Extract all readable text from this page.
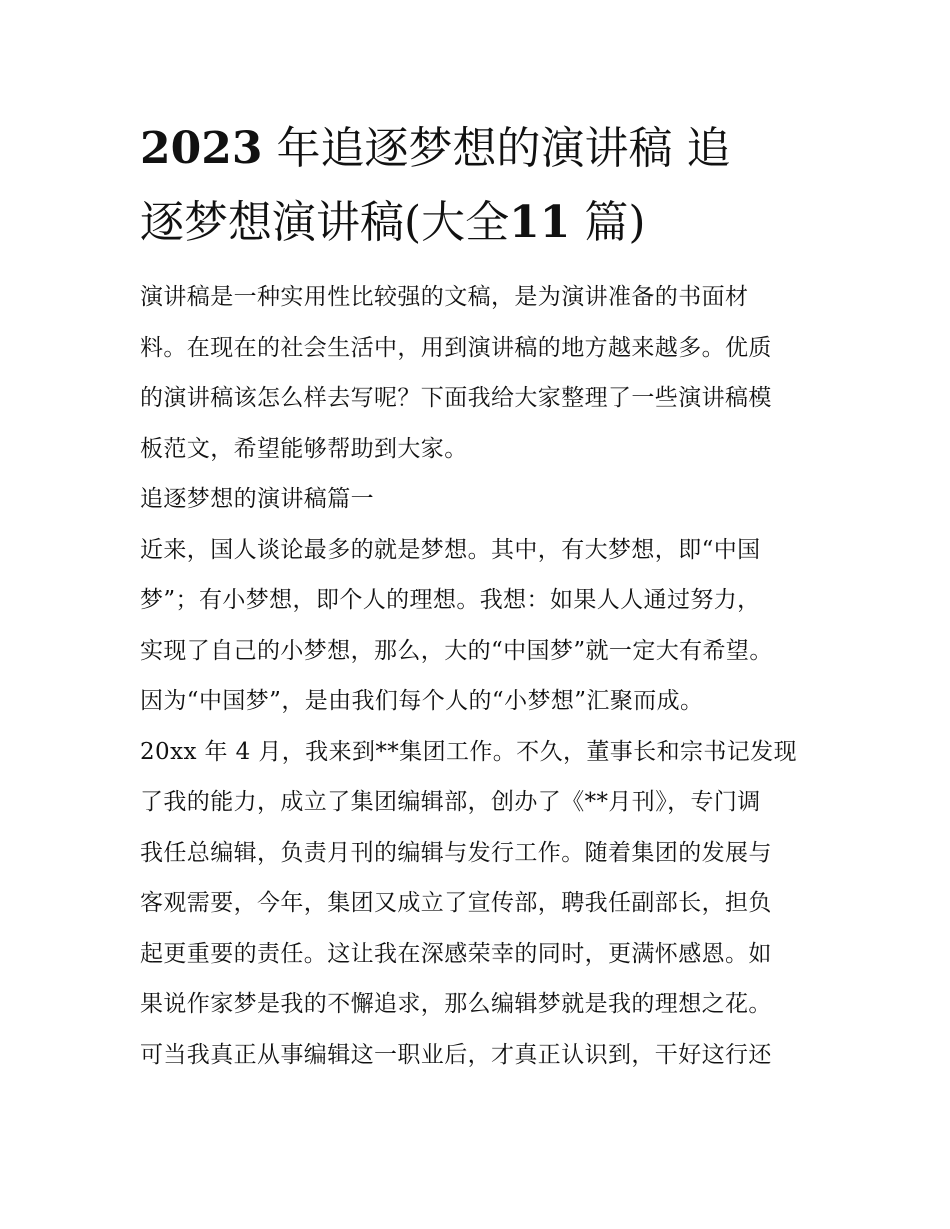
2023 年追逐梦想的演讲稿 追
逐梦想演讲稿(大全11 篇)

演讲稿是一种实用性比较强的文稿，是为演讲准备的书面材
料。在现在的社会生活中，用到演讲稿的地方越来越多。优质
的演讲稿该怎么样去写呢？下面我给大家整理了一些演讲稿模
板范文，希望能够帮助到大家。

追逐梦想的演讲稿篇一

近来，国人谈论最多的就是梦想。其中，有大梦想，即“中国
梦”；有小梦想，即个人的理想。我想：如果人人通过努力，
实现了自己的小梦想，那么，大的“中国梦”就一定大有希望。
因为“中国梦”，是由我们每个人的“小梦想”汇聚而成。

20xx 年 4 月，我来到**集团工作。不久，董事长和宗书记发现
了我的能力，成立了集团编辑部，创办了《**月刊》，专门调
我任总编辑，负责月刊的编辑与发行工作。随着集团的发展与
客观需要，今年，集团又成立了宣传部，聘我任副部长，担负
起更重要的责任。这让我在深感荣幸的同时，更满怀感恩。如
果说作家梦是我的不懈追求，那么编辑梦就是我的理想之花。
可当我真正从事编辑这一职业后，才真正认识到，干好这行还
